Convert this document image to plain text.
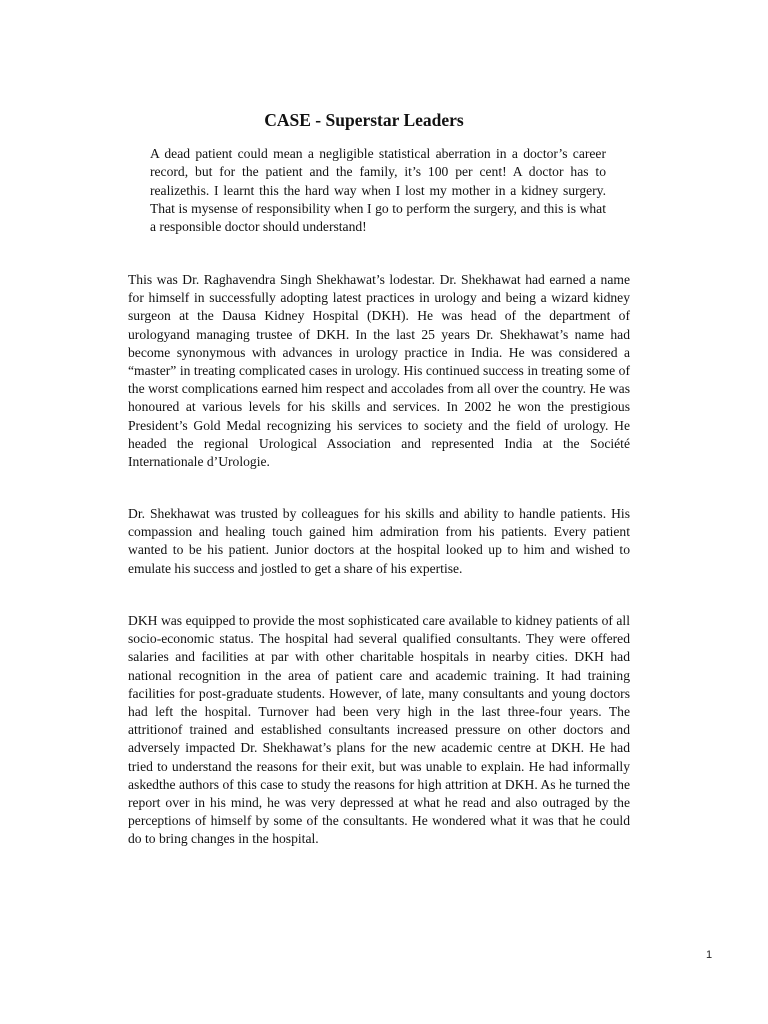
CASE - Superstar Leaders

A dead patient could mean a negligible statistical aberration in a doctor’s career record, but for the patient and the family, it’s 100 per cent! A doctor has to realizethis. I learnt this the hard way when I lost my mother in a kidney surgery. That is mysense of responsibility when I go to perform the surgery, and this is what a responsible doctor should understand!

This was Dr. Raghavendra Singh Shekhawat’s lodestar. Dr. Shekhawat had earned a name for himself in successfully adopting latest practices in urology and being a wizard kidney surgeon at the Dausa Kidney Hospital (DKH). He was head of the department of urologyand managing trustee of DKH. In the last 25 years Dr. Shekhawat’s name had become synonymous with advances in urology practice in India. He was considered a “master” in treating complicated cases in urology. His continued success in treating some of the worst complications earned him respect and accolades from all over the country. He was honoured at various levels for his skills and services. In 2002 he won the prestigious President’s Gold Medal recognizing his services to society and the field of urology. He headed the regional Urological Association and represented India at the Société Internationale d’Urologie.

Dr. Shekhawat was trusted by colleagues for his skills and ability to handle patients. His compassion and healing touch gained him admiration from his patients. Every patient wanted to be his patient. Junior doctors at the hospital looked up to him and wished to emulate his success and jostled to get a share of his expertise.

DKH was equipped to provide the most sophisticated care available to kidney patients of all socio-economic status. The hospital had several qualified consultants. They were offered salaries and facilities at par with other charitable hospitals in nearby cities. DKH had national recognition in the area of patient care and academic training. It had training facilities for post-graduate students. However, of late, many consultants and young doctors had left the hospital. Turnover had been very high in the last three-four years. The attritionof trained and established consultants increased pressure on other doctors and adversely impacted Dr. Shekhawat’s plans for the new academic centre at DKH. He had tried to understand the reasons for their exit, but was unable to explain. He had informally askedthe authors of this case to study the reasons for high attrition at DKH. As he turned the report over in his mind, he was very depressed at what he read and also outraged by the perceptions of himself by some of the consultants. He wondered what it was that he could do to bring changes in the hospital.

1
